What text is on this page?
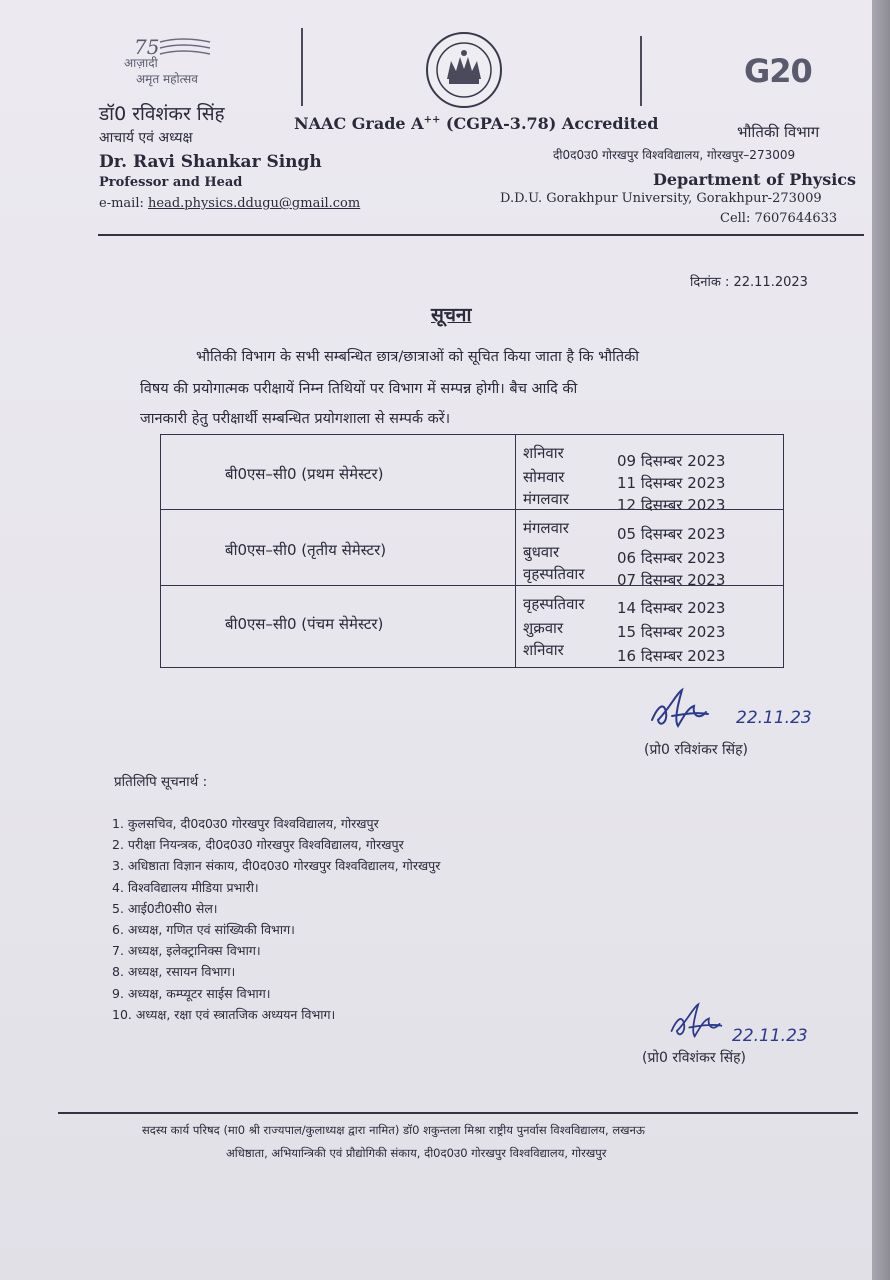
75
आज़ादी
अमृत महोत्सव
डॉ0 रविशंकर सिंह
आचार्य एवं अध्यक्ष
Dr. Ravi Shankar Singh
Professor and Head
e-mail: head.physics.ddugu@gmail.com
NAAC Grade A++ (CGPA-3.78) Accredited
G20
भौतिकी विभाग
दी0द0उ0 गोरखपुर विश्वविद्यालय, गोरखपुर–273009
Department of Physics
D.D.U. Gorakhpur University, Gorakhpur-273009
Cell: 7607644633
दिनांक : 22.11.2023
सूचना
भौतिकी विभाग के सभी सम्बन्धित छात्र/छात्राओं को सूचित किया जाता है कि भौतिकी
विषय की प्रयोगात्मक परीक्षायें निम्न तिथियों पर विभाग में सम्पन्न होगी। बैच आदि की
जानकारी हेतु परीक्षार्थी सम्बन्धित प्रयोगशाला से सम्पर्क करें।
बी0एस–सी0 (प्रथम सेमेस्टर)
शनिवार	09 दिसम्बर 2023
सोमवार	11 दिसम्बर 2023
मंगलवार	12 दिसम्बर 2023
बी0एस–सी0 (तृतीय सेमेस्टर)
मंगलवार	05 दिसम्बर 2023
बुधवार	06 दिसम्बर 2023
वृहस्पतिवार 07 दिसम्बर 2023
बी0एस–सी0 (पंचम सेमेस्टर)
वृहस्पतिवार 14 दिसम्बर 2023
शुक्रवार	15 दिसम्बर 2023
शनिवार	16 दिसम्बर 2023
22.11.23
(प्रो0 रविशंकर सिंह)
प्रतिलिपि सूचनार्थ :
1. कुलसचिव, दी0द0उ0 गोरखपुर विश्वविद्यालय, गोरखपुर
2. परीक्षा नियन्त्रक, दी0द0उ0 गोरखपुर विश्वविद्यालय, गोरखपुर
3. अधिष्ठाता विज्ञान संकाय, दी0द0उ0 गोरखपुर विश्वविद्यालय, गोरखपुर
4. विश्वविद्यालय मीडिया प्रभारी।
5. आई0टी0सी0 सेल।
6. अध्यक्ष, गणित एवं सांख्यिकी विभाग।
7. अध्यक्ष, इलेक्ट्रानिक्स विभाग।
8. अध्यक्ष, रसायन विभाग।
9. अध्यक्ष, कम्प्यूटर साईस विभाग।
10. अध्यक्ष, रक्षा एवं स्त्रातजिक अध्ययन विभाग।
22.11.23
(प्रो0 रविशंकर सिंह)
सदस्य कार्य परिषद (मा0 श्री राज्यपाल/कुलाध्यक्ष द्वारा नामित) डॉ0 शकुन्तला मिश्रा राष्ट्रीय पुनर्वास विश्वविद्यालय, लखनऊ
अधिष्ठाता, अभियान्त्रिकी एवं प्रौद्योगिकी संकाय, दी0द0उ0 गोरखपुर विश्वविद्यालय, गोरखपुर
